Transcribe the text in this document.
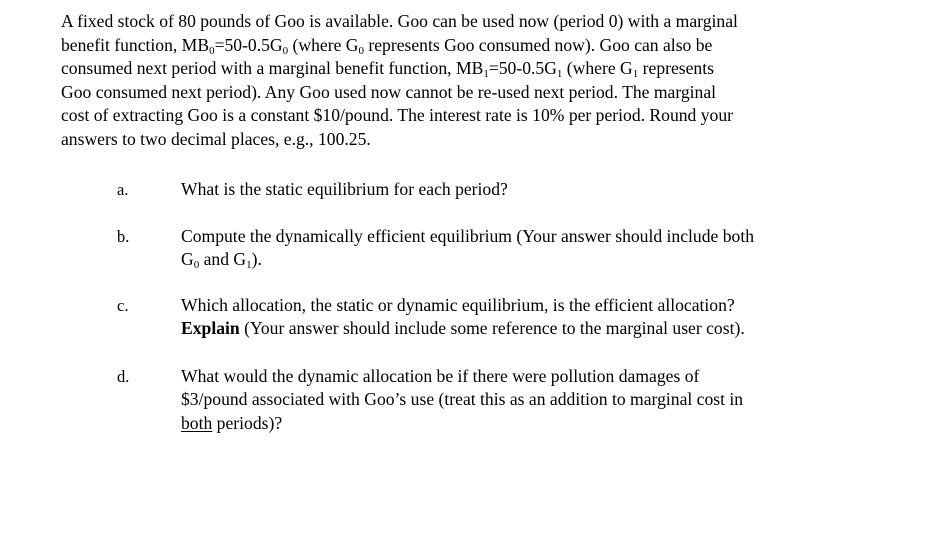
A fixed stock of 80 pounds of Goo is available. Goo can be used now (period 0) with a marginal
benefit function, $MB_0=50-0.5G_0$ (where $G_0$ represents Goo consumed now). Goo can also be
consumed next period with a marginal benefit function, $MB_1=50-0.5G_1$ (where $G_1$ represents
Goo consumed next period). Any Goo used now cannot be re-used next period. The marginal
cost of extracting Goo is a constant $10/pound. The interest rate is 10% per period. Round your
answers to two decimal places, e.g., 100.25.

a.	What is the static equilibrium for each period?
b.	Compute the dynamically efficient equilibrium (Your answer should include both
$G_0$ and $G_1$).
c.	Which allocation, the static or dynamic equilibrium, is the efficient allocation?
Explain (Your answer should include some reference to the marginal user cost).
d.	What would the dynamic allocation be if there were pollution damages of
$3/pound associated with Goo’s use (treat this as an addition to marginal cost in
both periods)?
